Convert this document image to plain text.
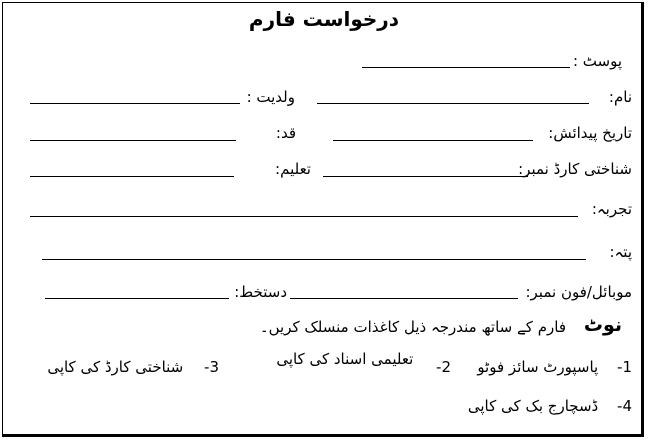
درخواست فارم
پوسٹ :
نام:
ولدیت :
تاریخ پیدائش:
قد:
شناختی کارڈ نمبر:
تعلیم:
تجربہ:
پتہ:
موبائل/فون نمبر:
دستخط:
نوٹ
فارم کے ساتھ مندرجہ ذیل کاغذات منسلک کریں۔
1- پاسپورٹ سائز فوٹو
2- تعلیمی اسناد کی کاپی
3- شناختی کارڈ کی کاپی
4- ڈسچارج بک کی کاپی
